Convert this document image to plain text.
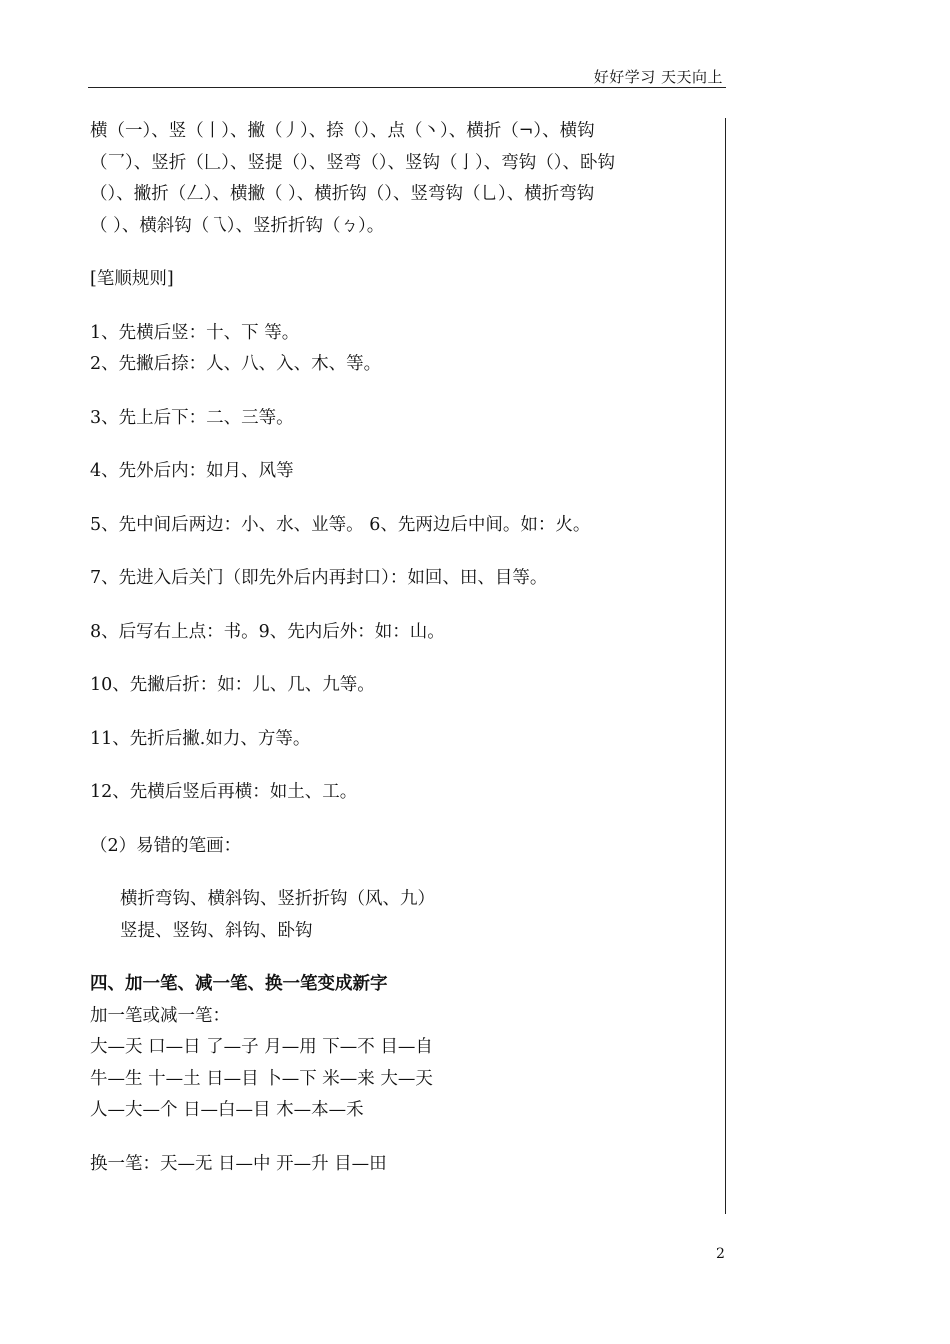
好好学习 天天向上

横（一）、竖（丨）、撇（丿）、捺（）、点（丶）、横折（¬）、横钩

（乛）、竖折（𠃊）、竖提（）、竖弯（）、竖钩（亅）、弯钩（）、卧钩

（）、撇折（𠃋）、横撇（ ）、横折钩（）、竖弯钩（乚）、横折弯钩

（ ）、横斜钩（乁）、竖折折钩（ㄅ）。

[笔顺规则]

1、先横后竖：十、下 等。

2、先撇后捺：人、八、入、木、等。

3、先上后下：二、三等。

4、先外后内：如月、风等

5、先中间后两边：小、水、业等。 6、先两边后中间。如：火。

7、先进入后关门（即先外后内再封口）：如回、田、目等。

8、后写右上点：书。9、先内后外：如：山。

10、先撇后折：如：儿、几、九等。

11、先折后撇.如力、方等。

12、先横后竖后再横：如土、工。

（2）易错的笔画：

横折弯钩、横斜钩、竖折折钩（风、九）

竖提、竖钩、斜钩、卧钩

四、加一笔、减一笔、换一笔变成新字

加一笔或减一笔：

大—天 口—日 了—子 月—用 下—不 目—自

牛—生 十—土 日—目 卜—下 米—来 大—天

人—大—个 日—白—目 木—本—禾

换一笔：天—无 日—中 开—升 目—田

2
